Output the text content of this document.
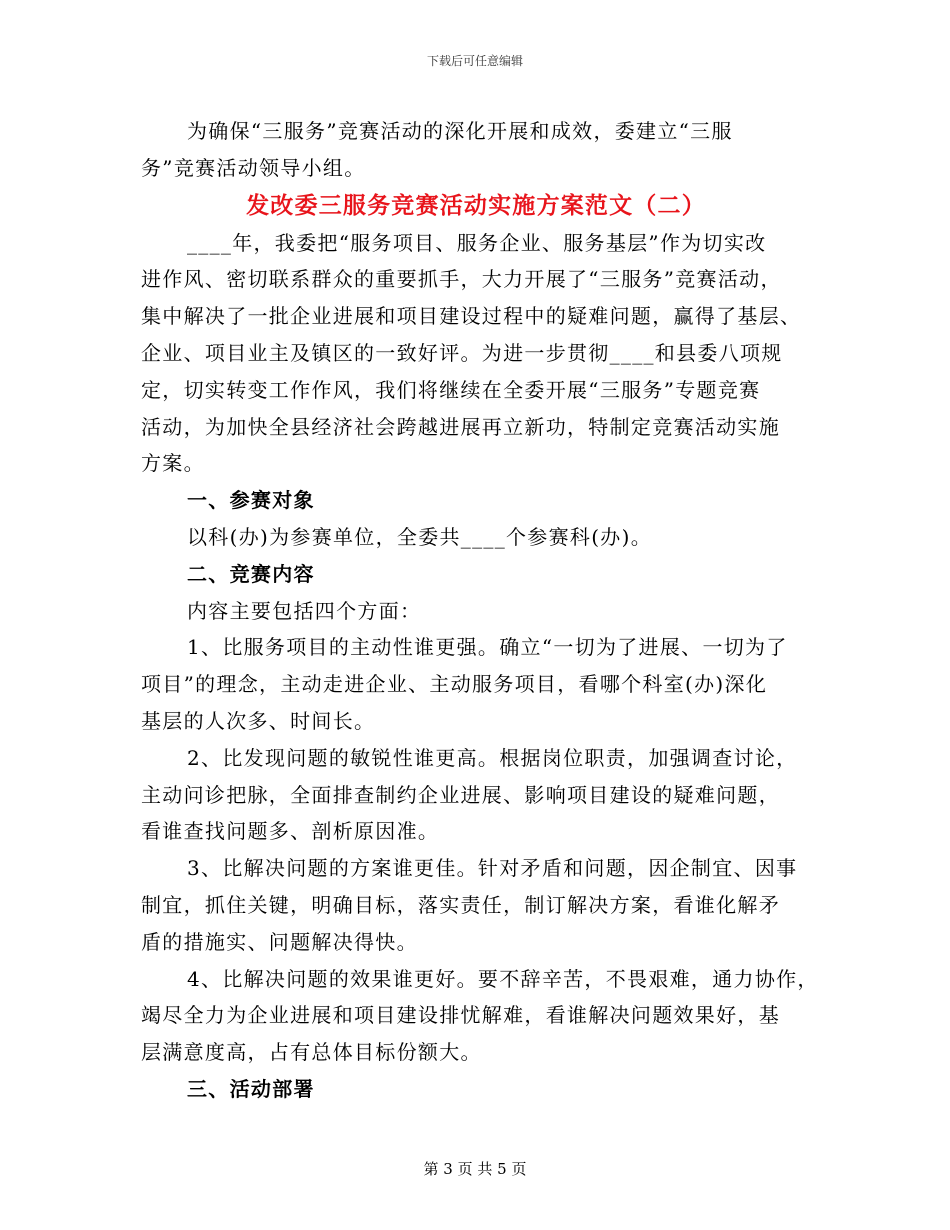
下载后可任意编辑
为确保“三服务”竞赛活动的深化开展和成效，委建立“三服
务”竞赛活动领导小组。
发改委三服务竞赛活动实施方案范文（二）
____年，我委把“服务项目、服务企业、服务基层”作为切实改
进作风、密切联系群众的重要抓手，大力开展了“三服务”竞赛活动，
集中解决了一批企业进展和项目建设过程中的疑难问题，赢得了基层、
企业、项目业主及镇区的一致好评。为进一步贯彻____和县委八项规
定，切实转变工作作风，我们将继续在全委开展“三服务”专题竞赛
活动，为加快全县经济社会跨越进展再立新功，特制定竞赛活动实施
方案。
一、参赛对象
以科(办)为参赛单位，全委共____个参赛科(办)。
二、竞赛内容
内容主要包括四个方面：
1、比服务项目的主动性谁更强。确立“一切为了进展、一切为了
项目”的理念，主动走进企业、主动服务项目，看哪个科室(办)深化
基层的人次多、时间长。
2、比发现问题的敏锐性谁更高。根据岗位职责，加强调查讨论，
主动问诊把脉，全面排查制约企业进展、影响项目建设的疑难问题，
看谁查找问题多、剖析原因准。
3、比解决问题的方案谁更佳。针对矛盾和问题，因企制宜、因事
制宜，抓住关键，明确目标，落实责任，制订解决方案，看谁化解矛
盾的措施实、问题解决得快。
4、比解决问题的效果谁更好。要不辞辛苦，不畏艰难，通力协作，
竭尽全力为企业进展和项目建设排忧解难，看谁解决问题效果好，基
层满意度高，占有总体目标份额大。
三、活动部署
第 3 页 共 5 页
